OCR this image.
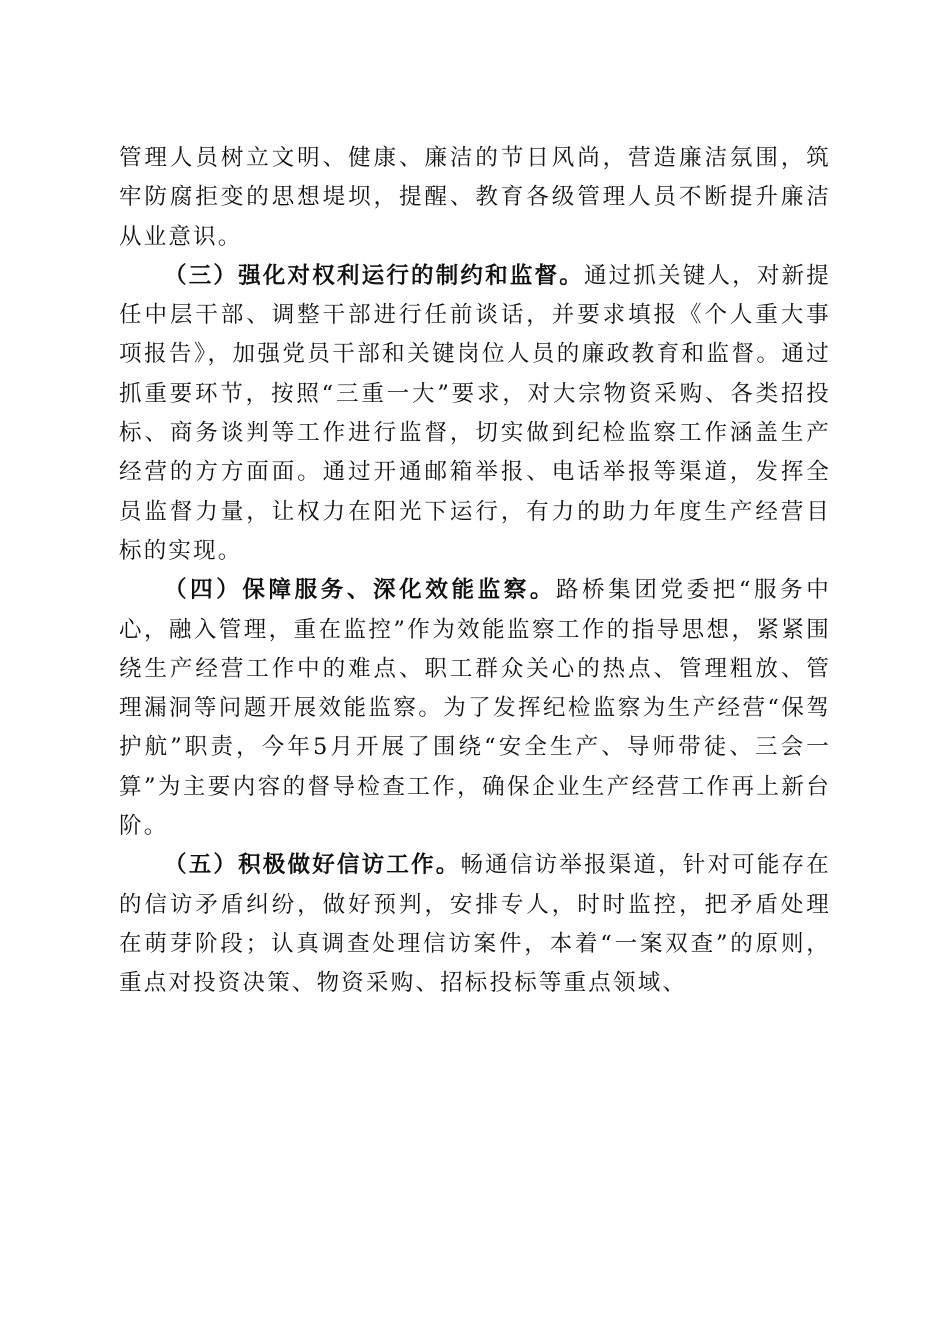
管理人员树立文明、健康、廉洁的节日风尚，营造廉洁氛围，筑牢防腐拒变的思想堤坝，提醒、教育各级管理人员不断提升廉洁从业意识。

（三）强化对权利运行的制约和监督。通过抓关键人，对新提任中层干部、调整干部进行任前谈话，并要求填报《个人重大事项报告》，加强党员干部和关键岗位人员的廉政教育和监督。通过抓重要环节，按照“三重一大”要求，对大宗物资采购、各类招投标、商务谈判等工作进行监督，切实做到纪检监察工作涵盖生产经营的方方面面。通过开通邮箱举报、电话举报等渠道，发挥全员监督力量，让权力在阳光下运行，有力的助力年度生产经营目标的实现。

（四）保障服务、深化效能监察。路桥集团党委把“服务中心，融入管理，重在监控”作为效能监察工作的指导思想，紧紧围绕生产经营工作中的难点、职工群众关心的热点、管理粗放、管理漏洞等问题开展效能监察。为了发挥纪检监察为生产经营“保驾护航”职责，今年5月开展了围绕“安全生产、导师带徒、三会一算”为主要内容的督导检查工作，确保企业生产经营工作再上新台阶。

（五）积极做好信访工作。畅通信访举报渠道，针对可能存在的信访矛盾纠纷，做好预判，安排专人，时时监控，把矛盾处理在萌芽阶段；认真调查处理信访案件，本着“一案双查”的原则，重点对投资决策、物资采购、招标投标等重点领域、
